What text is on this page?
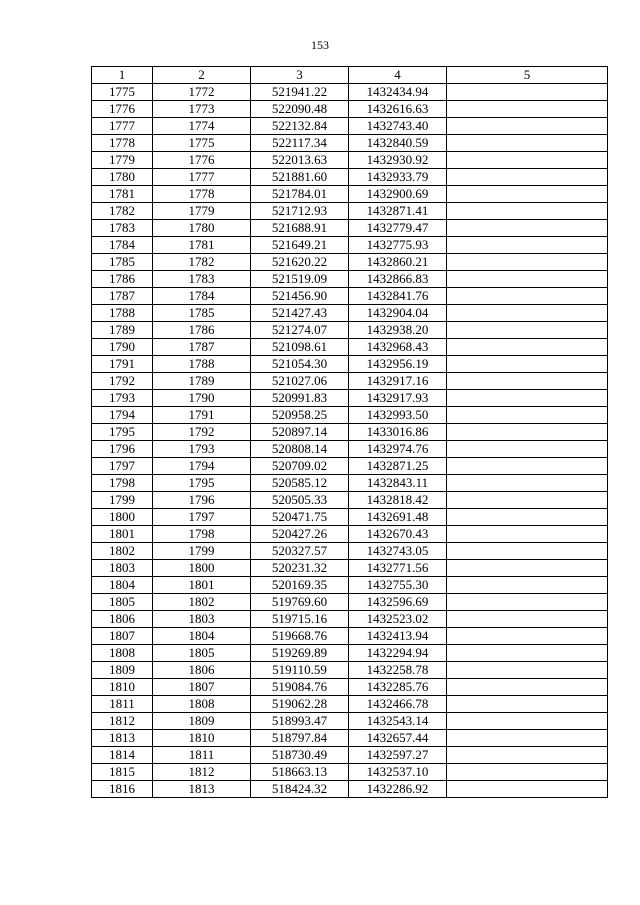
153
1	2	3	4	5
1775	1772	521941.22	1432434.94	
1776	1773	522090.48	1432616.63	
1777	1774	522132.84	1432743.40	
1778	1775	522117.34	1432840.59	
1779	1776	522013.63	1432930.92	
1780	1777	521881.60	1432933.79	
1781	1778	521784.01	1432900.69	
1782	1779	521712.93	1432871.41	
1783	1780	521688.91	1432779.47	
1784	1781	521649.21	1432775.93	
1785	1782	521620.22	1432860.21	
1786	1783	521519.09	1432866.83	
1787	1784	521456.90	1432841.76	
1788	1785	521427.43	1432904.04	
1789	1786	521274.07	1432938.20	
1790	1787	521098.61	1432968.43	
1791	1788	521054.30	1432956.19	
1792	1789	521027.06	1432917.16	
1793	1790	520991.83	1432917.93	
1794	1791	520958.25	1432993.50	
1795	1792	520897.14	1433016.86	
1796	1793	520808.14	1432974.76	
1797	1794	520709.02	1432871.25	
1798	1795	520585.12	1432843.11	
1799	1796	520505.33	1432818.42	
1800	1797	520471.75	1432691.48	
1801	1798	520427.26	1432670.43	
1802	1799	520327.57	1432743.05	
1803	1800	520231.32	1432771.56	
1804	1801	520169.35	1432755.30	
1805	1802	519769.60	1432596.69	
1806	1803	519715.16	1432523.02	
1807	1804	519668.76	1432413.94	
1808	1805	519269.89	1432294.94	
1809	1806	519110.59	1432258.78	
1810	1807	519084.76	1432285.76	
1811	1808	519062.28	1432466.78	
1812	1809	518993.47	1432543.14	
1813	1810	518797.84	1432657.44	
1814	1811	518730.49	1432597.27	
1815	1812	518663.13	1432537.10	
1816	1813	518424.32	1432286.92	
